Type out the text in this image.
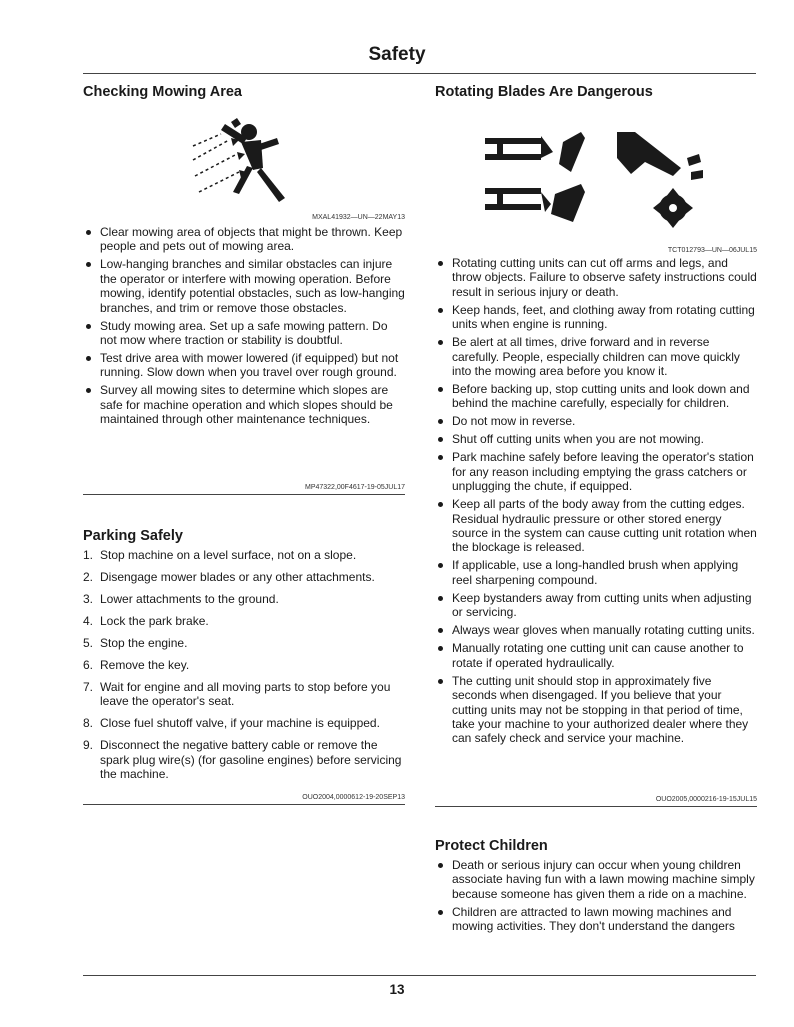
Safety
Checking Mowing Area
MXAL41932—UN—22MAY13
Clear mowing area of objects that might be thrown. Keep people and pets out of mowing area.
Low-hanging branches and similar obstacles can injure the operator or interfere with mowing operation. Before mowing, identify potential obstacles, such as low-hanging branches, and trim or remove those obstacles.
Study mowing area. Set up a safe mowing pattern. Do not mow where traction or stability is doubtful.
Test drive area with mower lowered (if equipped) but not running. Slow down when you travel over rough ground.
Survey all mowing sites to determine which slopes are safe for machine operation and which slopes should be maintained through other maintenance techniques.
MP47322,00F4617-19-05JUL17
Parking Safely
1. Stop machine on a level surface, not on a slope.
2. Disengage mower blades or any other attachments.
3. Lower attachments to the ground.
4. Lock the park brake.
5. Stop the engine.
6. Remove the key.
7. Wait for engine and all moving parts to stop before you leave the operator's seat.
8. Close fuel shutoff valve, if your machine is equipped.
9. Disconnect the negative battery cable or remove the spark plug wire(s) (for gasoline engines) before servicing the machine.
OUO2004,0000612-19-20SEP13
Rotating Blades Are Dangerous
TCT012793—UN—06JUL15
Rotating cutting units can cut off arms and legs, and throw objects. Failure to observe safety instructions could result in serious injury or death.
Keep hands, feet, and clothing away from rotating cutting units when engine is running.
Be alert at all times, drive forward and in reverse carefully. People, especially children can move quickly into the mowing area before you know it.
Before backing up, stop cutting units and look down and behind the machine carefully, especially for children.
Do not mow in reverse.
Shut off cutting units when you are not mowing.
Park machine safely before leaving the operator's station for any reason including emptying the grass catchers or unplugging the chute, if equipped.
Keep all parts of the body away from the cutting edges. Residual hydraulic pressure or other stored energy source in the system can cause cutting unit rotation when the blockage is released.
If applicable, use a long-handled brush when applying reel sharpening compound.
Keep bystanders away from cutting units when adjusting or servicing.
Always wear gloves when manually rotating cutting units.
Manually rotating one cutting unit can cause another to rotate if operated hydraulically.
The cutting unit should stop in approximately five seconds when disengaged. If you believe that your cutting units may not be stopping in that period of time, take your machine to your authorized dealer where they can safely check and service your machine.
OUO2005,0000216-19-15JUL15
Protect Children
Death or serious injury can occur when young children associate having fun with a lawn mowing machine simply because someone has given them a ride on a machine.
Children are attracted to lawn mowing machines and mowing activities. They don't understand the dangers
13
